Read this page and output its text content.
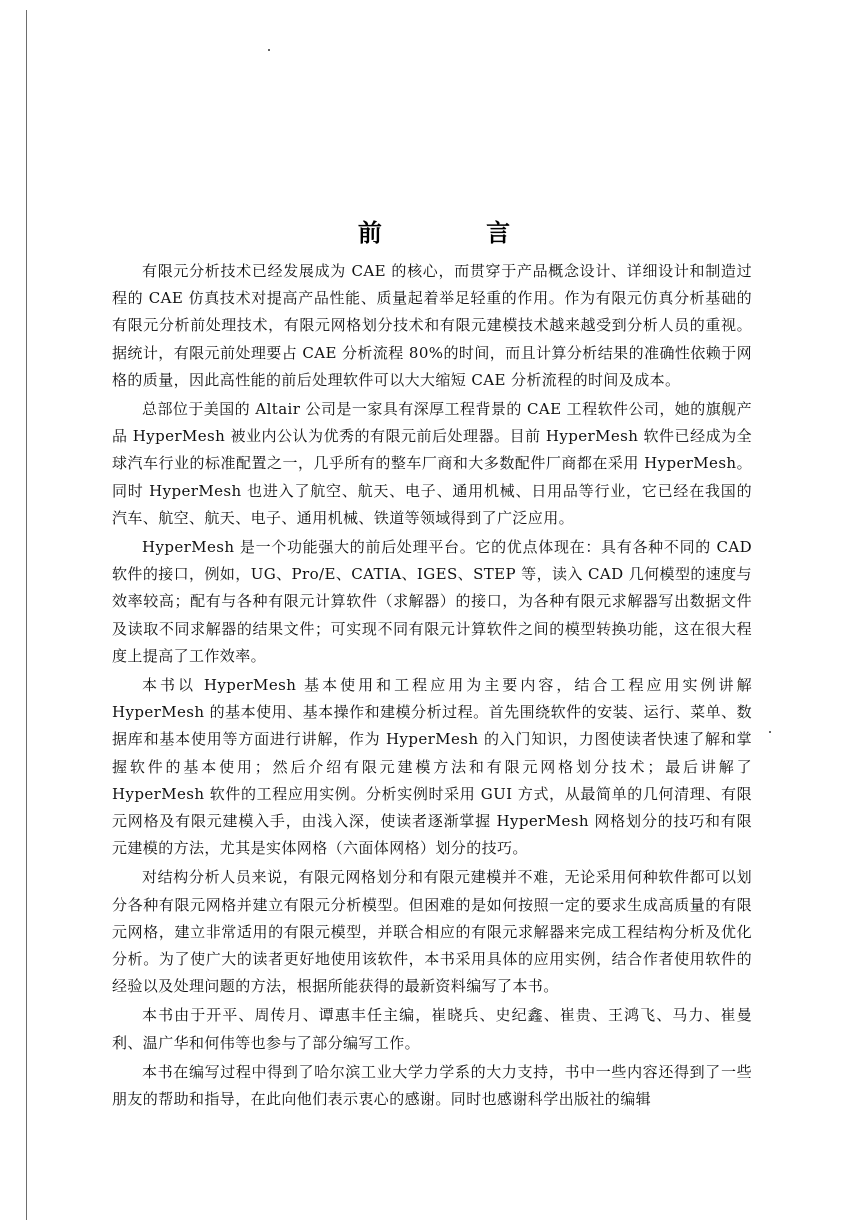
前 言

有限元分析技术已经发展成为 CAE 的核心，而贯穿于产品概念设计、详细设计和制造过程的 CAE 仿真技术对提高产品性能、质量起着举足轻重的作用。作为有限元仿真分析基础的有限元分析前处理技术，有限元网格划分技术和有限元建模技术越来越受到分析人员的重视。据统计，有限元前处理要占 CAE 分析流程 80%的时间，而且计算分析结果的准确性依赖于网格的质量，因此高性能的前后处理软件可以大大缩短 CAE 分析流程的时间及成本。

总部位于美国的 Altair 公司是一家具有深厚工程背景的 CAE 工程软件公司，她的旗舰产品 HyperMesh 被业内公认为优秀的有限元前后处理器。目前 HyperMesh 软件已经成为全球汽车行业的标准配置之一，几乎所有的整车厂商和大多数配件厂商都在采用 HyperMesh。同时 HyperMesh 也进入了航空、航天、电子、通用机械、日用品等行业，它已经在我国的汽车、航空、航天、电子、通用机械、铁道等领域得到了广泛应用。

HyperMesh 是一个功能强大的前后处理平台。它的优点体现在：具有各种不同的 CAD 软件的接口，例如，UG、Pro/E、CATIA、IGES、STEP 等，读入 CAD 几何模型的速度与效率较高；配有与各种有限元计算软件（求解器）的接口，为各种有限元求解器写出数据文件及读取不同求解器的结果文件；可实现不同有限元计算软件之间的模型转换功能，这在很大程度上提高了工作效率。

本书以 HyperMesh 基本使用和工程应用为主要内容，结合工程应用实例讲解 HyperMesh 的基本使用、基本操作和建模分析过程。首先围绕软件的安装、运行、菜单、数据库和基本使用等方面进行讲解，作为 HyperMesh 的入门知识，力图使读者快速了解和掌握软件的基本使用；然后介绍有限元建模方法和有限元网格划分技术；最后讲解了 HyperMesh 软件的工程应用实例。分析实例时采用 GUI 方式，从最简单的几何清理、有限元网格及有限元建模入手，由浅入深，使读者逐渐掌握 HyperMesh 网格划分的技巧和有限元建模的方法，尤其是实体网格（六面体网格）划分的技巧。

对结构分析人员来说，有限元网格划分和有限元建模并不难，无论采用何种软件都可以划分各种有限元网格并建立有限元分析模型。但困难的是如何按照一定的要求生成高质量的有限元网格，建立非常适用的有限元模型，并联合相应的有限元求解器来完成工程结构分析及优化分析。为了使广大的读者更好地使用该软件，本书采用具体的应用实例，结合作者使用软件的经验以及处理问题的方法，根据所能获得的最新资料编写了本书。

本书由于开平、周传月、谭惠丰任主编，崔晓兵、史纪鑫、崔贵、王鸿飞、马力、崔曼利、温广华和何伟等也参与了部分编写工作。

本书在编写过程中得到了哈尔滨工业大学力学系的大力支持，书中一些内容还得到了一些朋友的帮助和指导，在此向他们表示衷心的感谢。同时也感谢科学出版社的编辑
